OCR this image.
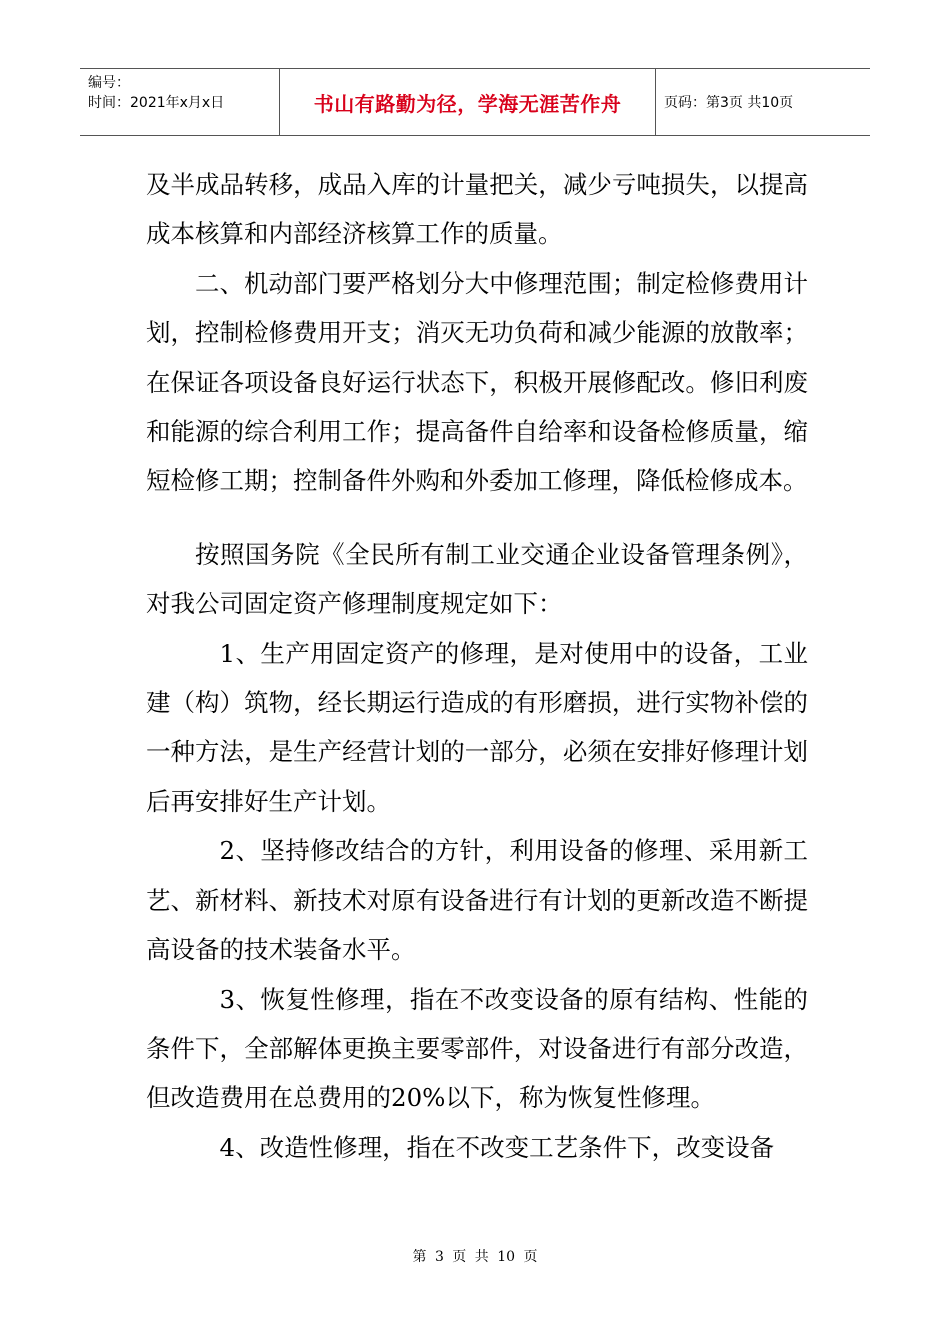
编号：
时间：2021年x月x日	书山有路勤为径，学海无涯苦作舟	页码：第3页 共10页

及半成品转移，成品入库的计量把关，减少亏吨损失，以提高成本核算和内部经济核算工作的质量。

二、机动部门要严格划分大中修理范围；制定检修费用计划，控制检修费用开支；消灭无功负荷和减少能源的放散率；在保证各项设备良好运行状态下，积极开展修配改。修旧利废和能源的综合利用工作；提高备件自给率和设备检修质量，缩短检修工期；控制备件外购和外委加工修理，降低检修成本。

按照国务院《全民所有制工业交通企业设备管理条例》，对我公司固定资产修理制度规定如下：

1、生产用固定资产的修理，是对使用中的设备，工业建（构）筑物，经长期运行造成的有形磨损，进行实物补偿的一种方法，是生产经营计划的一部分，必须在安排好修理计划后再安排好生产计划。

2、坚持修改结合的方针，利用设备的修理、采用新工艺、新材料、新技术对原有设备进行有计划的更新改造不断提高设备的技术装备水平。

3、恢复性修理，指在不改变设备的原有结构、性能的条件下，全部解体更换主要零部件，对设备进行有部分改造，但改造费用在总费用的20%以下，称为恢复性修理。

4、改造性修理，指在不改变工艺条件下，改变设备

第 3 页 共 10 页
